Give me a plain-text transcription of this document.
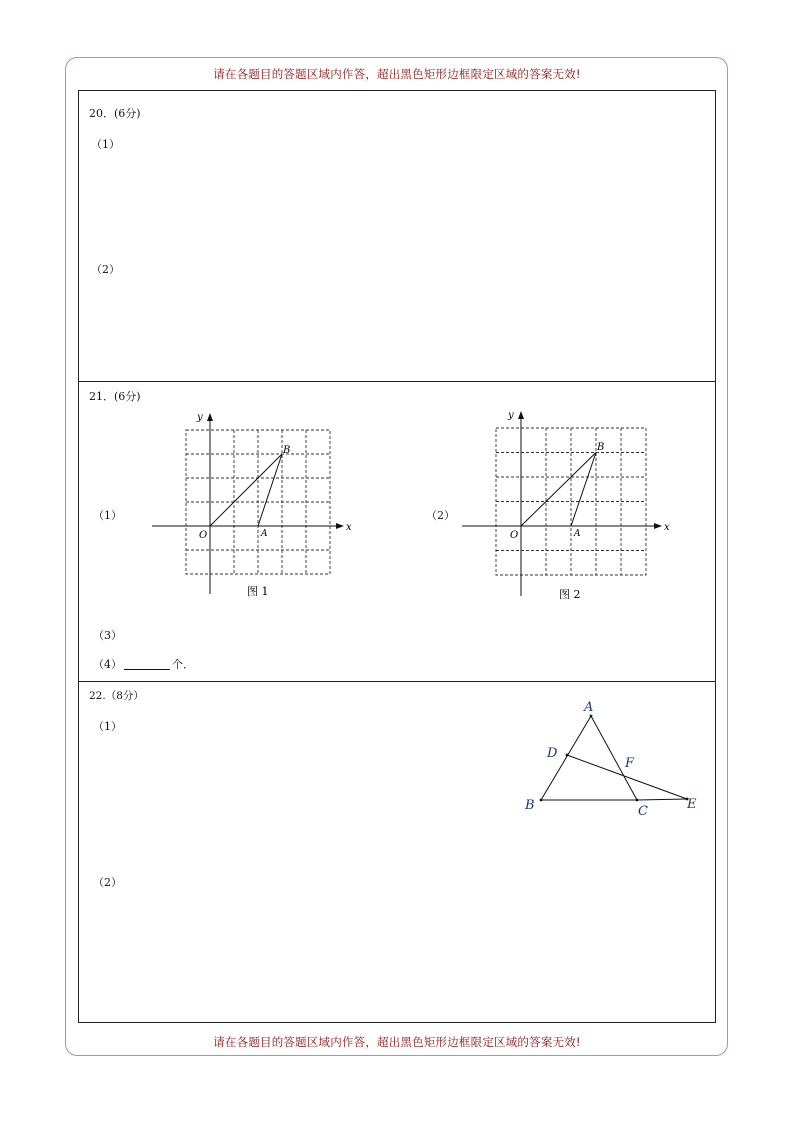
请在各题目的答题区域内作答，超出黑色矩形边框限定区域的答案无效!
20．(6分)
（1）
（2）
21．(6分)
（1）	（2）
（3）
（4）	个．
x
y
O	A
B
图 1
x
y
O	A
B
图 2
22.（8分）
（1）
（2）
A
D
F
B	C	E
请在各题目的答题区域内作答，超出黑色矩形边框限定区域的答案无效!
